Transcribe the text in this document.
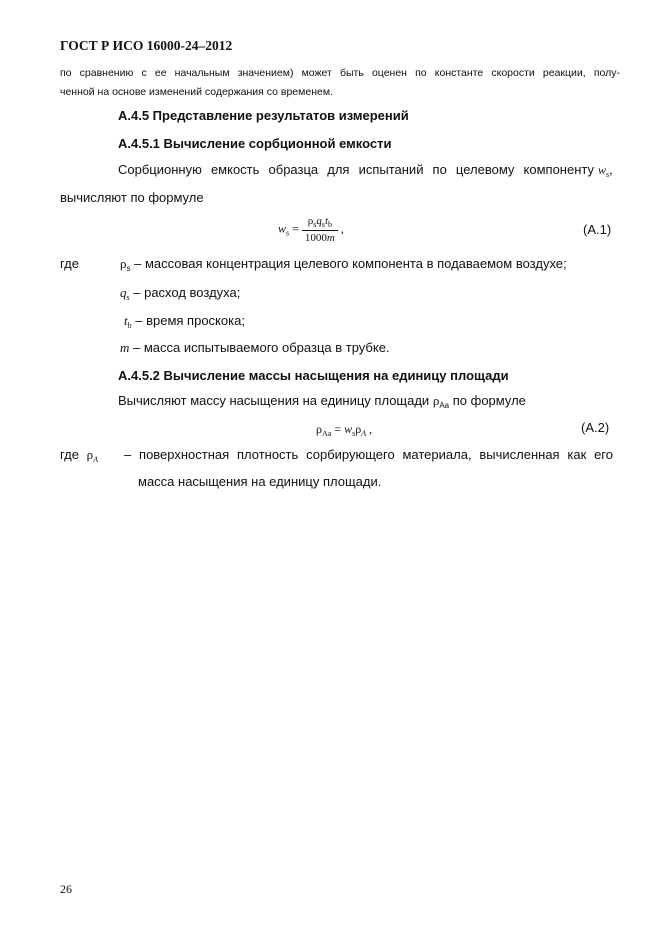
ГОСТ Р ИСО 16000-24–2012
по сравнению с ее начальным значением) может быть оценен по константе скорости реакции, полу-
ченной на основе изменений содержания со временем.
А.4.5 Представление результатов измерений
А.4.5.1 Вычисление сорбционной емкости
Сорбционную емкость образца для испытаний по целевому компоненту $w_s$,
вычисляют по формуле
$w_s = \frac{\rho_sq_st_b}{1000m}$ ,	(А.1)
где	$\rho_s$ – массовая концентрация целевого компонента в подаваемом воздухе;
$q_s$ – расход воздуха;
$t_b$ – время проскока;
m – масса испытываемого образца в трубке.
А.4.5.2 Вычисление массы насыщения на единицу площади
Вычисляют массу насыщения на единицу площади $\rho_{Aa}$ по формуле
$\rho_{Aa} = w_s\rho_A$ ,	(А.2)
где $\rho_A$ – поверхностная плотность сорбирующего материала, вычисленная как его
масса насыщения на единицу площади.
26
